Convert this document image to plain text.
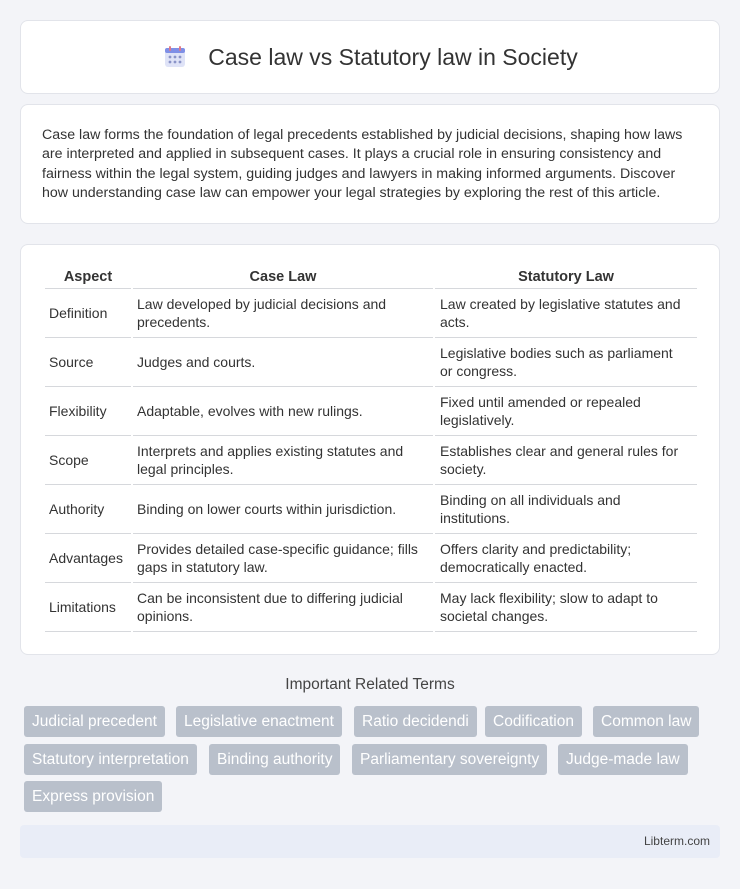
Case law vs Statutory law in Society

Case law forms the foundation of legal precedents established by judicial decisions, shaping how laws are interpreted and applied in subsequent cases. It plays a crucial role in ensuring consistency and fairness within the legal system, guiding judges and lawyers in making informed arguments. Discover how understanding case law can empower your legal strategies by exploring the rest of this article.

Aspect	Case Law	Statutory Law
Definition	Law developed by judicial decisions and precedents.	Law created by legislative statutes and acts.
Source	Judges and courts.	Legislative bodies such as parliament or congress.
Flexibility	Adaptable, evolves with new rulings.	Fixed until amended or repealed legislatively.
Scope	Interprets and applies existing statutes and legal principles.	Establishes clear and general rules for society.
Authority	Binding on lower courts within jurisdiction.	Binding on all individuals and institutions.
Advantages	Provides detailed case-specific guidance; fills gaps in statutory law.	Offers clarity and predictability; democratically enacted.
Limitations	Can be inconsistent due to differing judicial opinions.	May lack flexibility; slow to adapt to societal changes.
Important Related Terms
Judicial precedent	Legislative enactment	Ratio decidendi	Codification	Common law
Statutory interpretation	Binding authority	Parliamentary sovereignty	Judge-made law
Express provision
Libterm.com
